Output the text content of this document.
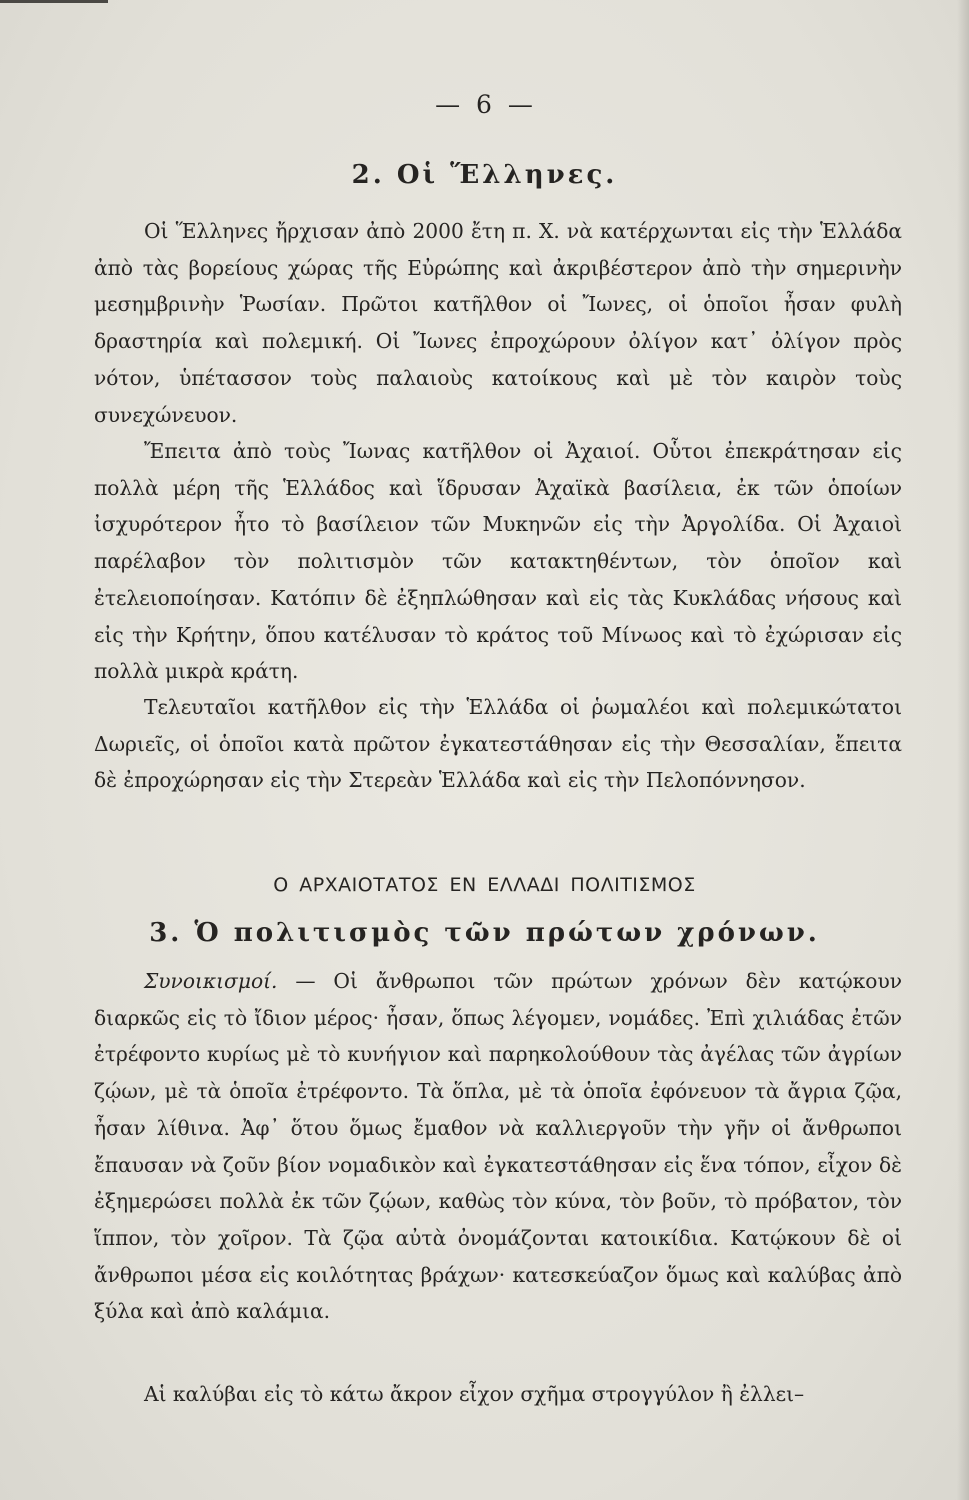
— 6 —
2. Οἱ Ἕλληνες.

Οἱ Ἕλληνες ἤρχισαν ἀπὸ 2000 ἔτη π. Χ. νὰ κατέρχωνται εἰς τὴν Ἑλλάδα ἀπὸ τὰς βορείους χώρας τῆς Εὐρώπης καὶ ἀκριβέστερον ἀπὸ τὴν σημερινὴν μεσημβρινὴν Ῥωσίαν. Πρῶτοι κατῆλθον οἱ Ἴωνες, οἱ ὁποῖοι ἦσαν φυλὴ δραστηρία καὶ πολεμική. Οἱ Ἴωνες ἐπροχώρουν ὀλίγον κατ᾿ ὀλίγον πρὸς νότον, ὑπέτασσον τοὺς παλαιοὺς κατοίκους καὶ μὲ τὸν καιρὸν τοὺς συνεχώνευον.

Ἔπειτα ἀπὸ τοὺς Ἴωνας κατῆλθον οἱ Ἀχαιοί. Οὗτοι ἐπεκράτησαν εἰς πολλὰ μέρη τῆς Ἑλλάδος καὶ ἵδρυσαν Ἀχαϊκὰ βασίλεια, ἐκ τῶν ὁποίων ἰσχυρότερον ἦτο τὸ βασίλειον τῶν Μυκηνῶν εἰς τὴν Ἀργολίδα. Οἱ Ἀχαιοὶ παρέλαβον τὸν πολιτισμὸν τῶν κατακτηθέντων, τὸν ὁποῖον καὶ ἐτελειοποίησαν. Κατόπιν δὲ ἐξηπλώθησαν καὶ εἰς τὰς Κυκλάδας νήσους καὶ εἰς τὴν Κρήτην, ὅπου κατέλυσαν τὸ κράτος τοῦ Μίνωος καὶ τὸ ἐχώρισαν εἰς πολλὰ μικρὰ κράτη.

Τελευταῖοι κατῆλθον εἰς τὴν Ἑλλάδα οἱ ῥωμαλέοι καὶ πολεμικώτατοι Δωριεῖς, οἱ ὁποῖοι κατὰ πρῶτον ἐγκατεστάθησαν εἰς τὴν Θεσσαλίαν, ἔπειτα δὲ ἐπροχώρησαν εἰς τὴν Στερεὰν Ἑλλάδα καὶ εἰς τὴν Πελοπόννησον.

Ο ΑΡΧΑΙΟΤΑΤΟΣ ΕΝ ΕΛΛΑΔΙ ΠΟΛΙΤΙΣΜΟΣ
3. Ὁ πολιτισμὸς τῶν πρώτων χρόνων.

Συνοικισμοί. — Οἱ ἄνθρωποι τῶν πρώτων χρόνων δὲν κατῴκουν διαρκῶς εἰς τὸ ἴδιον μέρος· ἦσαν, ὅπως λέγομεν, νομάδες. Ἐπὶ χιλιάδας ἐτῶν ἐτρέφοντο κυρίως μὲ τὸ κυνήγιον καὶ παρηκολούθουν τὰς ἀγέλας τῶν ἀγρίων ζῴων, μὲ τὰ ὁποῖα ἐτρέφοντο. Τὰ ὅπλα, μὲ τὰ ὁποῖα ἐφόνευον τὰ ἄγρια ζῷα, ἦσαν λίθινα. Ἀφ᾿ ὅτου ὅμως ἔμαθον νὰ καλλιεργοῦν τὴν γῆν οἱ ἄνθρωποι ἔπαυσαν νὰ ζοῦν βίον νομαδικὸν καὶ ἐγκατεστάθησαν εἰς ἕνα τόπον, εἶχον δὲ ἐξημερώσει πολλὰ ἐκ τῶν ζῴων, καθὼς τὸν κύνα, τὸν βοῦν, τὸ πρόβατον, τὸν ἵππον, τὸν χοῖρον. Τὰ ζῷα αὐτὰ ὀνομάζονται κατοικίδια. Κατῴκουν δὲ οἱ ἄνθρωποι μέσα εἰς κοιλότητας βράχων· κατεσκεύαζον ὅμως καὶ καλύβας ἀπὸ ξύλα καὶ ἀπὸ καλάμια.

Αἱ καλύβαι εἰς τὸ κάτω ἄκρον εἶχον σχῆμα στρογγύλον ἢ ἐλλει–
